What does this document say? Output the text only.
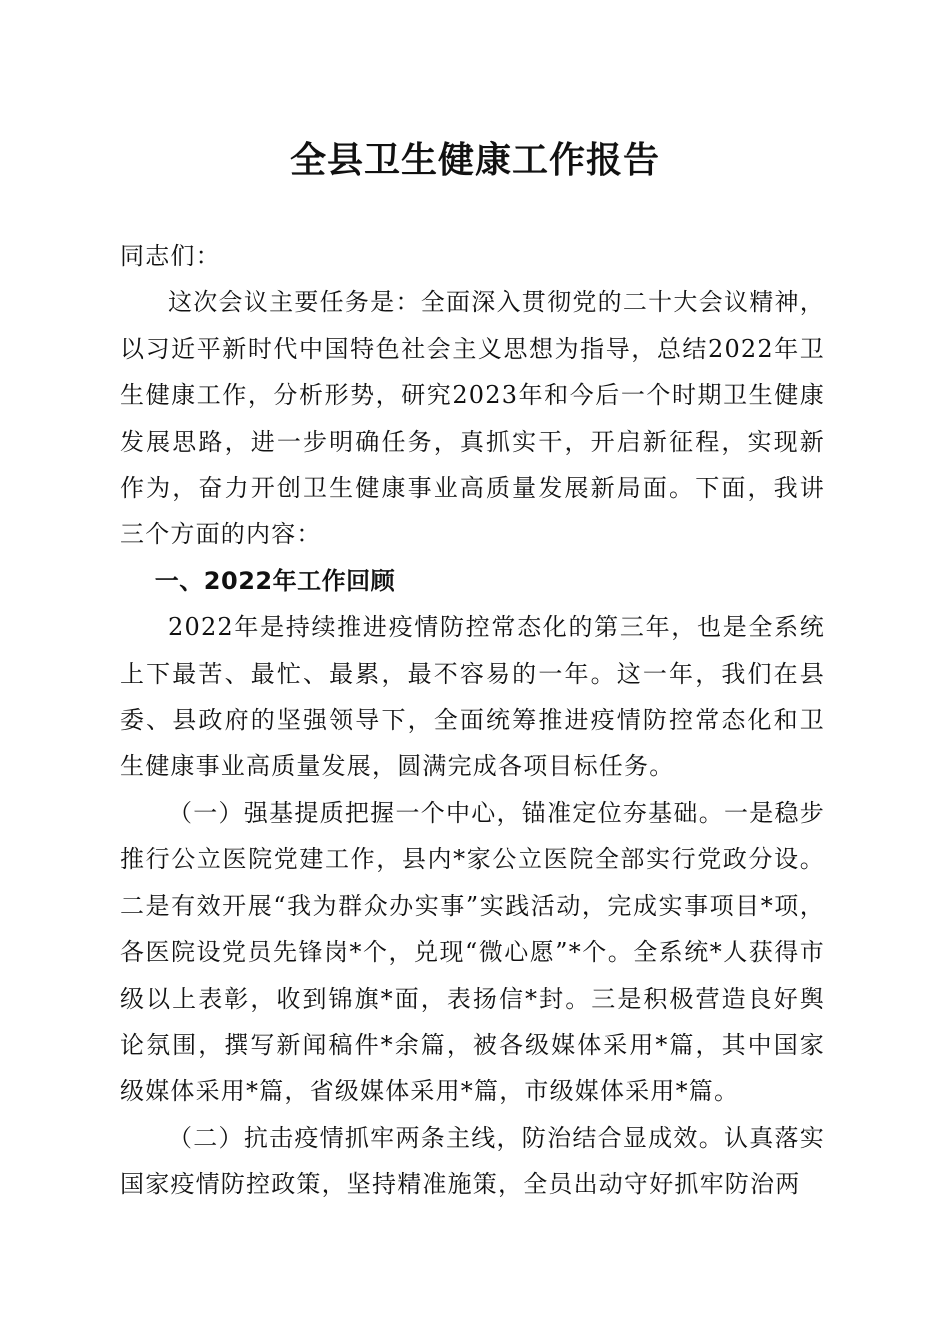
全县卫生健康工作报告

同志们：

这次会议主要任务是：全面深入贯彻党的二十大会议精神，以习近平新时代中国特色社会主义思想为指导，总结2022年卫生健康工作，分析形势，研究2023年和今后一个时期卫生健康发展思路，进一步明确任务，真抓实干，开启新征程，实现新作为，奋力开创卫生健康事业高质量发展新局面。下面，我讲三个方面的内容：

一、2022年工作回顾

2022年是持续推进疫情防控常态化的第三年，也是全系统上下最苦、最忙、最累，最不容易的一年。这一年，我们在县委、县政府的坚强领导下，全面统筹推进疫情防控常态化和卫生健康事业高质量发展，圆满完成各项目标任务。

（一）强基提质把握一个中心，锚准定位夯基础。一是稳步推行公立医院党建工作，县内*家公立医院全部实行党政分设。二是有效开展“我为群众办实事”实践活动，完成实事项目*项，各医院设党员先锋岗*个，兑现“微心愿”*个。全系统*人获得市级以上表彰，收到锦旗*面，表扬信*封。三是积极营造良好舆论氛围，撰写新闻稿件*余篇，被各级媒体采用*篇，其中国家级媒体采用*篇，省级媒体采用*篇，市级媒体采用*篇。

（二）抗击疫情抓牢两条主线，防治结合显成效。认真落实国家疫情防控政策，坚持精准施策，全员出动守好抓牢防治两
